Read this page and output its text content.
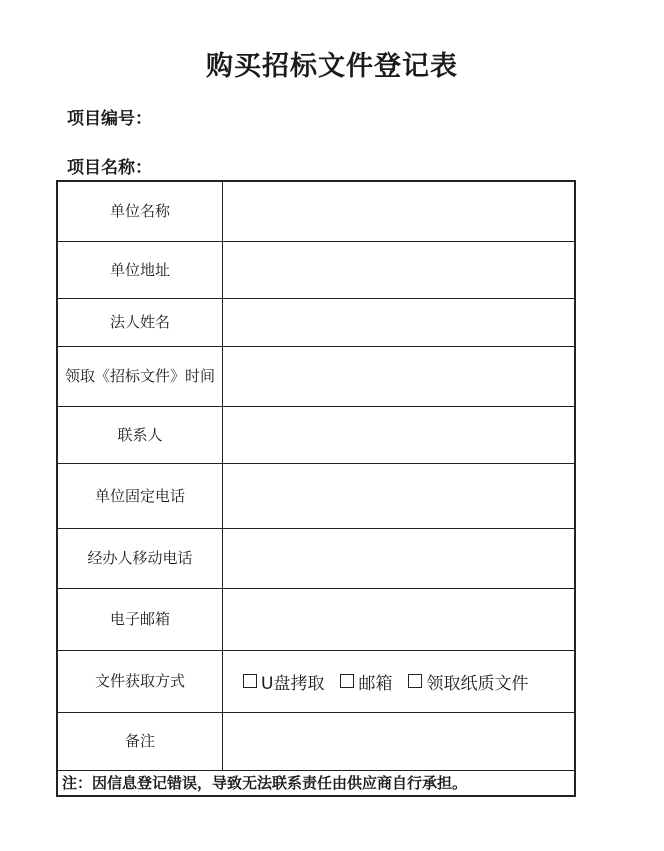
购买招标文件登记表
项目编号：
项目名称：
单位名称	
单位地址	
法人姓名	
领取《招标文件》时间	
联系人	
单位固定电话	
经办人移动电话	
电子邮箱	
文件获取方式	U盘拷取 邮箱 领取纸质文件

备注	
注：因信息登记错误，导致无法联系责任由供应商自行承担。	
